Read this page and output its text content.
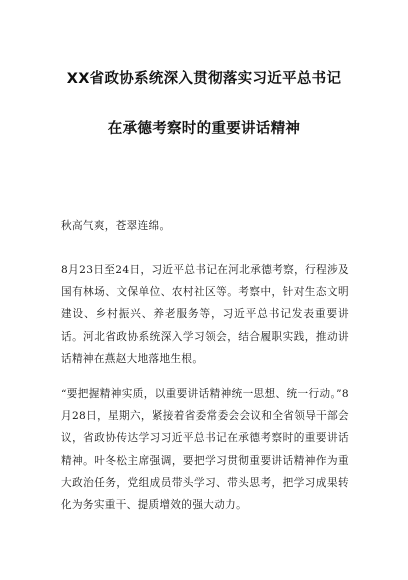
XX省政协系统深入贯彻落实习近平总书记
在承德考察时的重要讲话精神

秋高气爽，苍翠连绵。

8月23日至24日，习近平总书记在河北承德考察，行程涉及国有林场、文保单位、农村社区等。考察中，针对生态文明建设、乡村振兴、养老服务等，习近平总书记发表重要讲话。河北省政协系统深入学习领会，结合履职实践，推动讲话精神在燕赵大地落地生根。

“要把握精神实质，以重要讲话精神统一思想、统一行动。”8月28日，星期六，紧接着省委常委会会议和全省领导干部会议，省政协传达学习习近平总书记在承德考察时的重要讲话精神。叶冬松主席强调，要把学习贯彻重要讲话精神作为重大政治任务，党组成员带头学习、带头思考，把学习成果转化为务实重干、提质增效的强大动力。
